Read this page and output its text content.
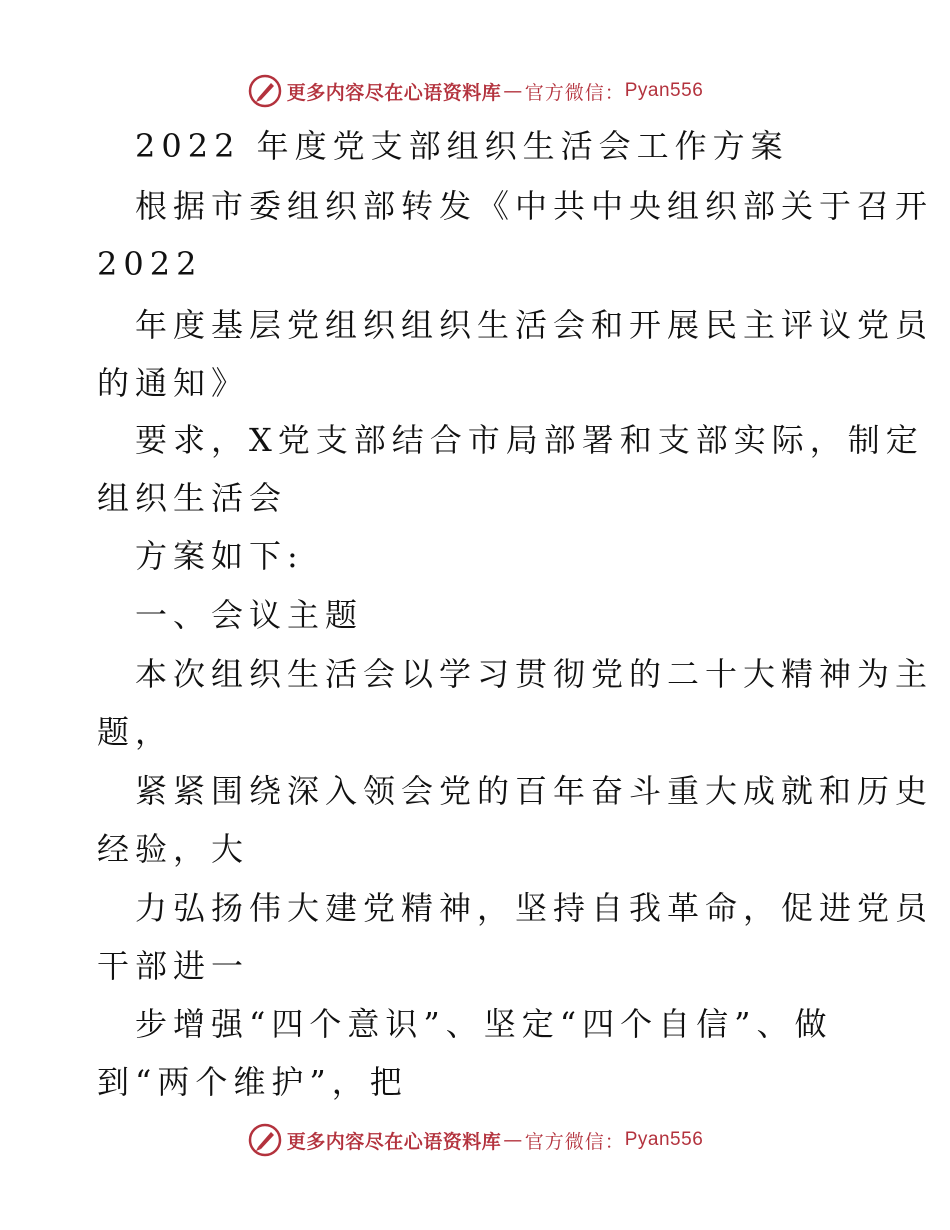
更多内容尽在心语资料库 — 官方微信： Pyan556
2022 年度党支部组织生活会工作方案
根据市委组织部转发《中共中央组织部关于召开
2022
年度基层党组织组织生活会和开展民主评议党员
的通知》
要求，X党支部结合市局部署和支部实际，制定
组织生活会
方案如下:
一、会议主题
本次组织生活会以学习贯彻党的二十大精神为主
题，
紧紧围绕深入领会党的百年奋斗重大成就和历史
经验，大
力弘扬伟大建党精神，坚持自我革命，促进党员
干部进一
步增强“四个意识”、坚定“四个自信”、做
到“两个维护”，把
更多内容尽在心语资料库 — 官方微信： Pyan556
